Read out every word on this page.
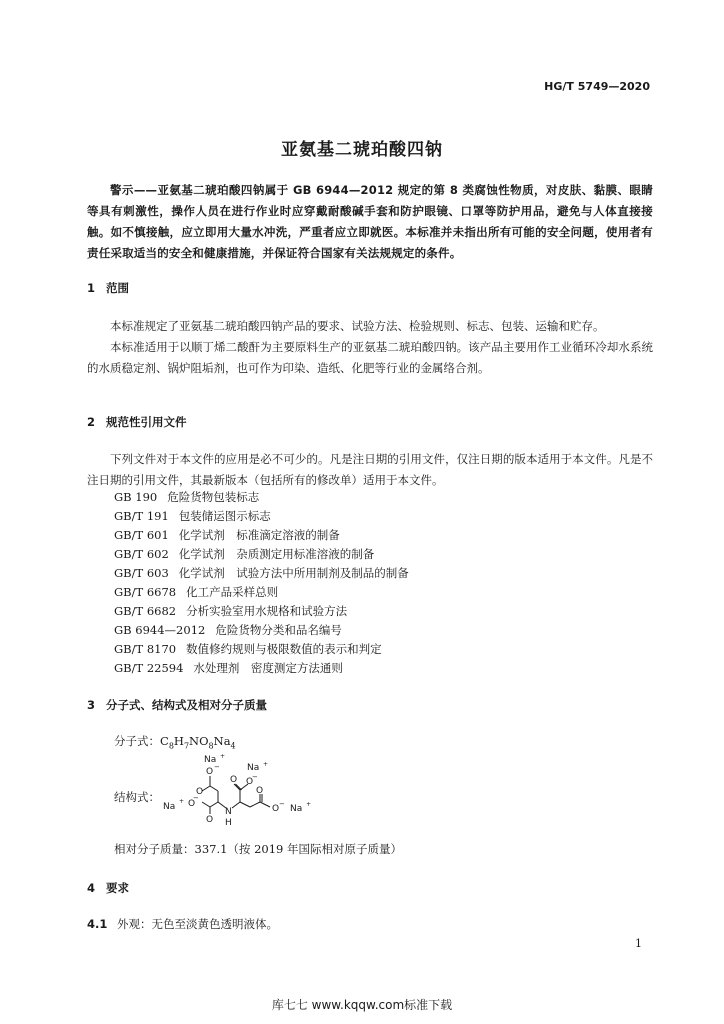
HG/T 5749—2020
亚氨基二琥珀酸四钠

警示——亚氨基二琥珀酸四钠属于 GB 6944—2012 规定的第 8 类腐蚀性物质，对皮肤、黏膜、眼睛等具有刺激性，操作人员在进行作业时应穿戴耐酸碱手套和防护眼镜、口罩等防护用品，避免与人体直接接触。如不慎接触，应立即用大量水冲洗，严重者应立即就医。本标准并未指出所有可能的安全问题，使用者有责任采取适当的安全和健康措施，并保证符合国家有关法规规定的条件。

1 范围

本标准规定了亚氨基二琥珀酸四钠产品的要求、试验方法、检验规则、标志、包装、运输和贮存。

本标准适用于以顺丁烯二酸酐为主要原料生产的亚氨基二琥珀酸四钠。该产品主要用作工业循环冷却水系统的水质稳定剂、锅炉阻垢剂，也可作为印染、造纸、化肥等行业的金属络合剂。

2 规范性引用文件

下列文件对于本文件的应用是必不可少的。凡是注日期的引用文件，仅注日期的版本适用于本文件。凡是不注日期的引用文件，其最新版本（包括所有的修改单）适用于本文件。

GB 190 危险货物包装标志
GB/T 191 包装储运图示标志
GB/T 601 化学试剂　标准滴定溶液的制备
GB/T 602 化学试剂　杂质测定用标准溶液的制备
GB/T 603 化学试剂　试验方法中所用制剂及制品的制备
GB/T 6678 化工产品采样总则
GB/T 6682 分析实验室用水规格和试验方法
GB 6944—2012 危险货物分类和品名编号
GB/T 8170 数值修约规则与极限数值的表示和判定
GB/T 22594 水处理剂　密度测定方法通则
3 分子式、结构式及相对分子质量
分子式：$C_8H_7NO_8Na_4$
结构式：
Na +
O −
O
O
O
−
Na
+
N
H
O
Na +
O
−
O
O − Na +
相对分子质量：337.1（按 2019 年国际相对原子质量）
4 要求
4.1 外观：无色至淡黄色透明液体。
1
库七七 www.kqqw.com标准下载
